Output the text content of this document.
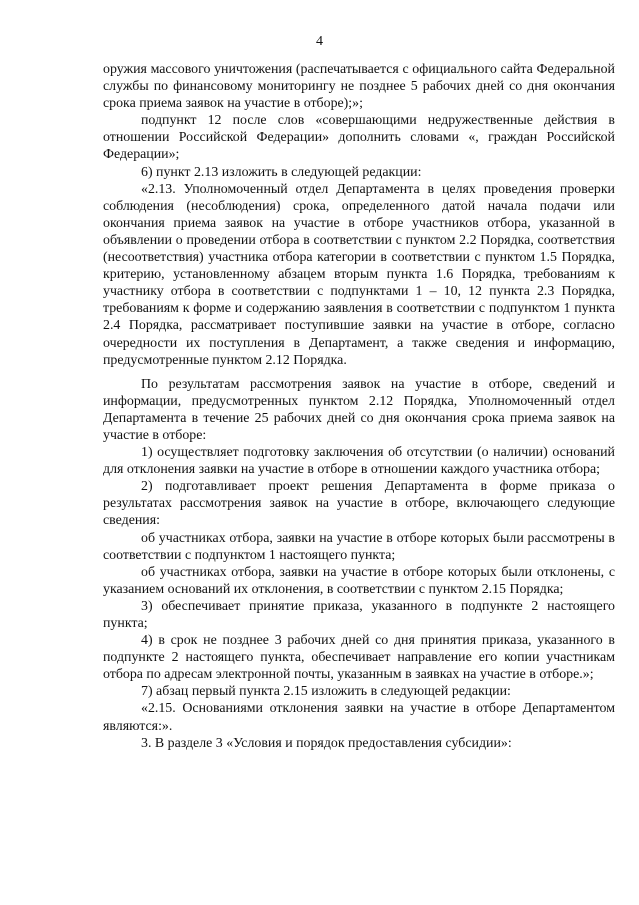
4

оружия массового уничтожения (распечатывается с официального сайта Федеральной службы по финансовому мониторингу не позднее 5 рабочих дней со дня окончания срока приема заявок на участие в отборе);»;

подпункт 12 после слов «совершающими недружественные действия в отношении Российской Федерации» дополнить словами «, граждан Российской Федерации»;

6) пункт 2.13 изложить в следующей редакции:

«2.13. Уполномоченный отдел Департамента в целях проведения проверки соблюдения (несоблюдения) срока, определенного датой начала подачи или окончания приема заявок на участие в отборе участников отбора, указанной в объявлении о проведении отбора в соответствии с пунктом 2.2 Порядка, соответствия (несоответствия) участника отбора категории в соответствии с пунктом 1.5 Порядка, критерию, установленному абзацем вторым пункта 1.6 Порядка, требованиям к участнику отбора в соответствии с подпунктами 1 – 10, 12 пункта 2.3 Порядка, требованиям к форме и содержанию заявления в соответствии с подпунктом 1 пункта 2.4 Порядка, рассматривает поступившие заявки на участие в отборе, согласно очередности их поступления в Департамент, а также сведения и информацию, предусмотренные пунктом 2.12 Порядка.

По результатам рассмотрения заявок на участие в отборе, сведений и информации, предусмотренных пунктом 2.12 Порядка, Уполномоченный отдел Департамента в течение 25 рабочих дней со дня окончания срока приема заявок на участие в отборе:

1) осуществляет подготовку заключения об отсутствии (о наличии) оснований для отклонения заявки на участие в отборе в отношении каждого участника отбора;

2) подготавливает проект решения Департамента в форме приказа о результатах рассмотрения заявок на участие в отборе, включающего следующие сведения:

об участниках отбора, заявки на участие в отборе которых были рассмотрены в соответствии с подпунктом 1 настоящего пункта;

об участниках отбора, заявки на участие в отборе которых были отклонены, с указанием оснований их отклонения, в соответствии с пунктом 2.15 Порядка;

3) обеспечивает принятие приказа, указанного в подпункте 2 настоящего пункта;

4) в срок не позднее 3 рабочих дней со дня принятия приказа, указанного в подпункте 2 настоящего пункта, обеспечивает направление его копии участникам отбора по адресам электронной почты, указанным в заявках на участие в отборе.»;

7) абзац первый пункта 2.15 изложить в следующей редакции:

«2.15. Основаниями отклонения заявки на участие в отборе Департаментом являются:».

3. В разделе 3 «Условия и порядок предоставления субсидии»:
